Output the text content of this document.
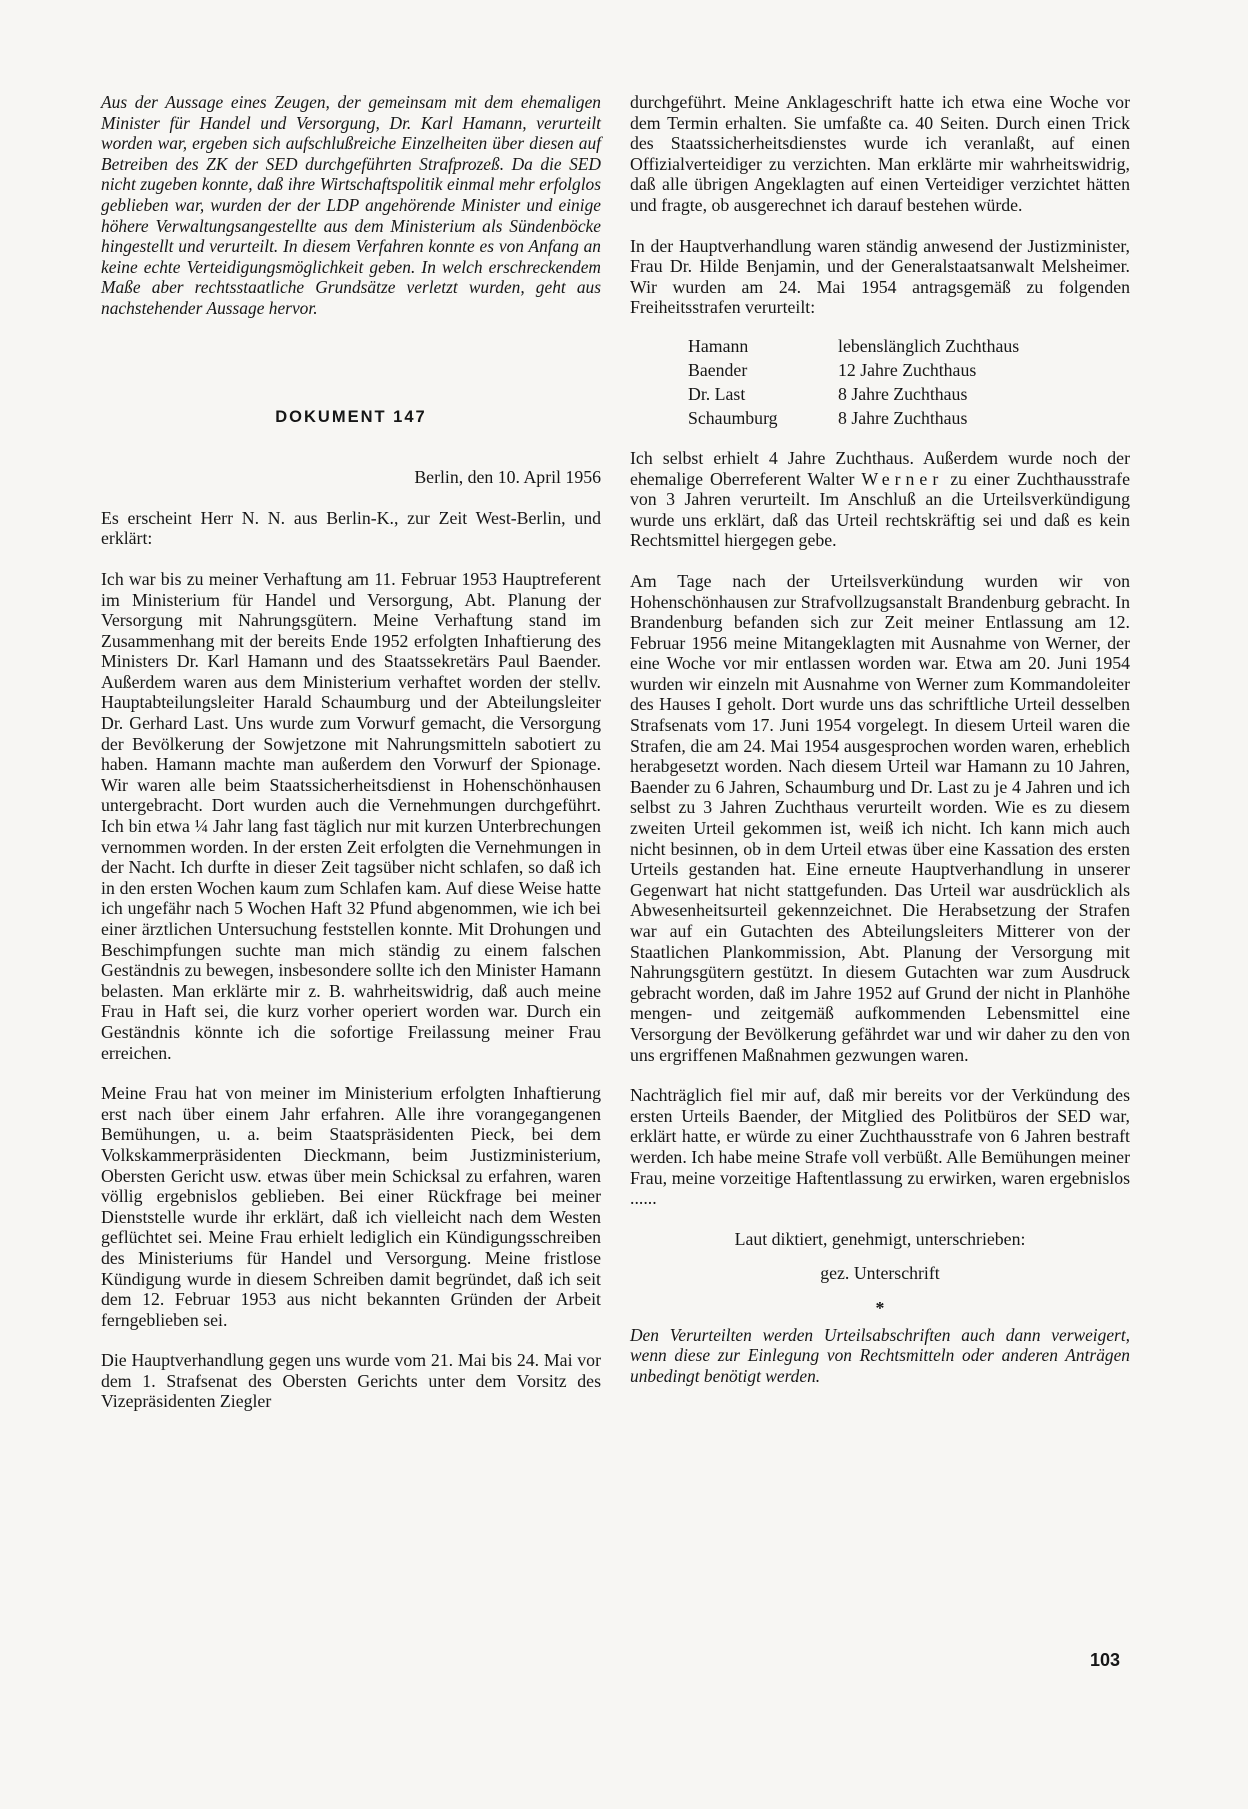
Aus der Aussage eines Zeugen, der gemeinsam mit dem ehemaligen Minister für Handel und Versorgung, Dr. Karl Hamann, verurteilt worden war, ergeben sich aufschlußreiche Einzelheiten über diesen auf Betreiben des ZK der SED durchgeführten Strafprozeß. Da die SED nicht zugeben konnte, daß ihre Wirtschaftspolitik einmal mehr erfolglos geblieben war, wurden der der LDP angehörende Minister und einige höhere Verwaltungsangestellte aus dem Ministerium als Sündenböcke hingestellt und verurteilt. In diesem Verfahren konnte es von Anfang an keine echte Verteidigungsmöglichkeit geben. In welch erschreckendem Maße aber rechtsstaatliche Grundsätze verletzt wurden, geht aus nachstehender Aussage hervor.

DOKUMENT 147
Berlin, den 10. April 1956

Es erscheint Herr N. N. aus Berlin-K., zur Zeit West-Berlin, und erklärt:

Ich war bis zu meiner Verhaftung am 11. Februar 1953 Hauptreferent im Ministerium für Handel und Versorgung, Abt. Planung der Versorgung mit Nahrungsgütern. Meine Verhaftung stand im Zusammenhang mit der bereits Ende 1952 erfolgten Inhaftierung des Ministers Dr. Karl Hamann und des Staatssekretärs Paul Baender. Außerdem waren aus dem Ministerium verhaftet worden der stellv. Hauptabteilungsleiter Harald Schaumburg und der Abteilungsleiter Dr. Gerhard Last. Uns wurde zum Vorwurf gemacht, die Versorgung der Bevölkerung der Sowjetzone mit Nahrungsmitteln sabotiert zu haben. Hamann machte man außerdem den Vorwurf der Spionage. Wir waren alle beim Staatssicherheitsdienst in Hohenschönhausen untergebracht. Dort wurden auch die Vernehmungen durchgeführt. Ich bin etwa ¼ Jahr lang fast täglich nur mit kurzen Unterbrechungen vernommen worden. In der ersten Zeit erfolgten die Vernehmungen in der Nacht. Ich durfte in dieser Zeit tagsüber nicht schlafen, so daß ich in den ersten Wochen kaum zum Schlafen kam. Auf diese Weise hatte ich ungefähr nach 5 Wochen Haft 32 Pfund abgenommen, wie ich bei einer ärztlichen Untersuchung feststellen konnte. Mit Drohungen und Beschimpfungen suchte man mich ständig zu einem falschen Geständnis zu bewegen, insbesondere sollte ich den Minister Hamann belasten. Man erklärte mir z. B. wahrheitswidrig, daß auch meine Frau in Haft sei, die kurz vorher operiert worden war. Durch ein Geständnis könnte ich die sofortige Freilassung meiner Frau erreichen.

Meine Frau hat von meiner im Ministerium erfolgten Inhaftierung erst nach über einem Jahr erfahren. Alle ihre vorangegangenen Bemühungen, u. a. beim Staatspräsidenten Pieck, bei dem Volkskammerpräsidenten Dieckmann, beim Justizministerium, Obersten Gericht usw. etwas über mein Schicksal zu erfahren, waren völlig ergebnislos geblieben. Bei einer Rückfrage bei meiner Dienststelle wurde ihr erklärt, daß ich vielleicht nach dem Westen geflüchtet sei. Meine Frau erhielt lediglich ein Kündigungsschreiben des Ministeriums für Handel und Versorgung. Meine fristlose Kündigung wurde in diesem Schreiben damit begründet, daß ich seit dem 12. Februar 1953 aus nicht bekannten Gründen der Arbeit ferngeblieben sei.

Die Hauptverhandlung gegen uns wurde vom 21. Mai bis 24. Mai vor dem 1. Strafsenat des Obersten Gerichts unter dem Vorsitz des Vizepräsidenten Ziegler

durchgeführt. Meine Anklageschrift hatte ich etwa eine Woche vor dem Termin erhalten. Sie umfaßte ca. 40 Seiten. Durch einen Trick des Staatssicherheitsdienstes wurde ich veranlaßt, auf einen Offizialverteidiger zu verzichten. Man erklärte mir wahrheitswidrig, daß alle übrigen Angeklagten auf einen Verteidiger verzichtet hätten und fragte, ob ausgerechnet ich darauf bestehen würde.

In der Hauptverhandlung waren ständig anwesend der Justizminister, Frau Dr. Hilde Benjamin, und der Generalstaatsanwalt Melsheimer. Wir wurden am 24. Mai 1954 antragsgemäß zu folgenden Freiheitsstrafen verurteilt:

Hamann	lebenslänglich Zuchthaus
Baender	12 Jahre Zuchthaus
Dr. Last	8 Jahre Zuchthaus
Schaumburg	8 Jahre Zuchthaus

Ich selbst erhielt 4 Jahre Zuchthaus. Außerdem wurde noch der ehemalige Oberreferent Walter Werner zu einer Zuchthausstrafe von 3 Jahren verurteilt. Im Anschluß an die Urteilsverkündigung wurde uns erklärt, daß das Urteil rechtskräftig sei und daß es kein Rechtsmittel hiergegen gebe.

Am Tage nach der Urteilsverkündung wurden wir von Hohenschönhausen zur Strafvollzugsanstalt Brandenburg gebracht. In Brandenburg befanden sich zur Zeit meiner Entlassung am 12. Februar 1956 meine Mitangeklagten mit Ausnahme von Werner, der eine Woche vor mir entlassen worden war. Etwa am 20. Juni 1954 wurden wir einzeln mit Ausnahme von Werner zum Kommandoleiter des Hauses I geholt. Dort wurde uns das schriftliche Urteil desselben Strafsenats vom 17. Juni 1954 vorgelegt. In diesem Urteil waren die Strafen, die am 24. Mai 1954 ausgesprochen worden waren, erheblich herabgesetzt worden. Nach diesem Urteil war Hamann zu 10 Jahren, Baender zu 6 Jahren, Schaumburg und Dr. Last zu je 4 Jahren und ich selbst zu 3 Jahren Zuchthaus verurteilt worden. Wie es zu diesem zweiten Urteil gekommen ist, weiß ich nicht. Ich kann mich auch nicht besinnen, ob in dem Urteil etwas über eine Kassation des ersten Urteils gestanden hat. Eine erneute Hauptverhandlung in unserer Gegenwart hat nicht stattgefunden. Das Urteil war ausdrücklich als Abwesenheitsurteil gekennzeichnet. Die Herabsetzung der Strafen war auf ein Gutachten des Abteilungsleiters Mitterer von der Staatlichen Plankommission, Abt. Planung der Versorgung mit Nahrungsgütern gestützt. In diesem Gutachten war zum Ausdruck gebracht worden, daß im Jahre 1952 auf Grund der nicht in Planhöhe mengen- und zeitgemäß aufkommenden Lebensmittel eine Versorgung der Bevölkerung gefährdet war und wir daher zu den von uns ergriffenen Maßnahmen gezwungen waren.

Nachträglich fiel mir auf, daß mir bereits vor der Verkündung des ersten Urteils Baender, der Mitglied des Politbüros der SED war, erklärt hatte, er würde zu einer Zuchthausstrafe von 6 Jahren bestraft werden. Ich habe meine Strafe voll verbüßt. Alle Bemühungen meiner Frau, meine vorzeitige Haftentlassung zu erwirken, waren ergebnislos ......

Laut diktiert, genehmigt, unterschrieben:
gez. Unterschrift
*

Den Verurteilten werden Urteilsabschriften auch dann verweigert, wenn diese zur Einlegung von Rechtsmitteln oder anderen Anträgen unbedingt benötigt werden.

103
